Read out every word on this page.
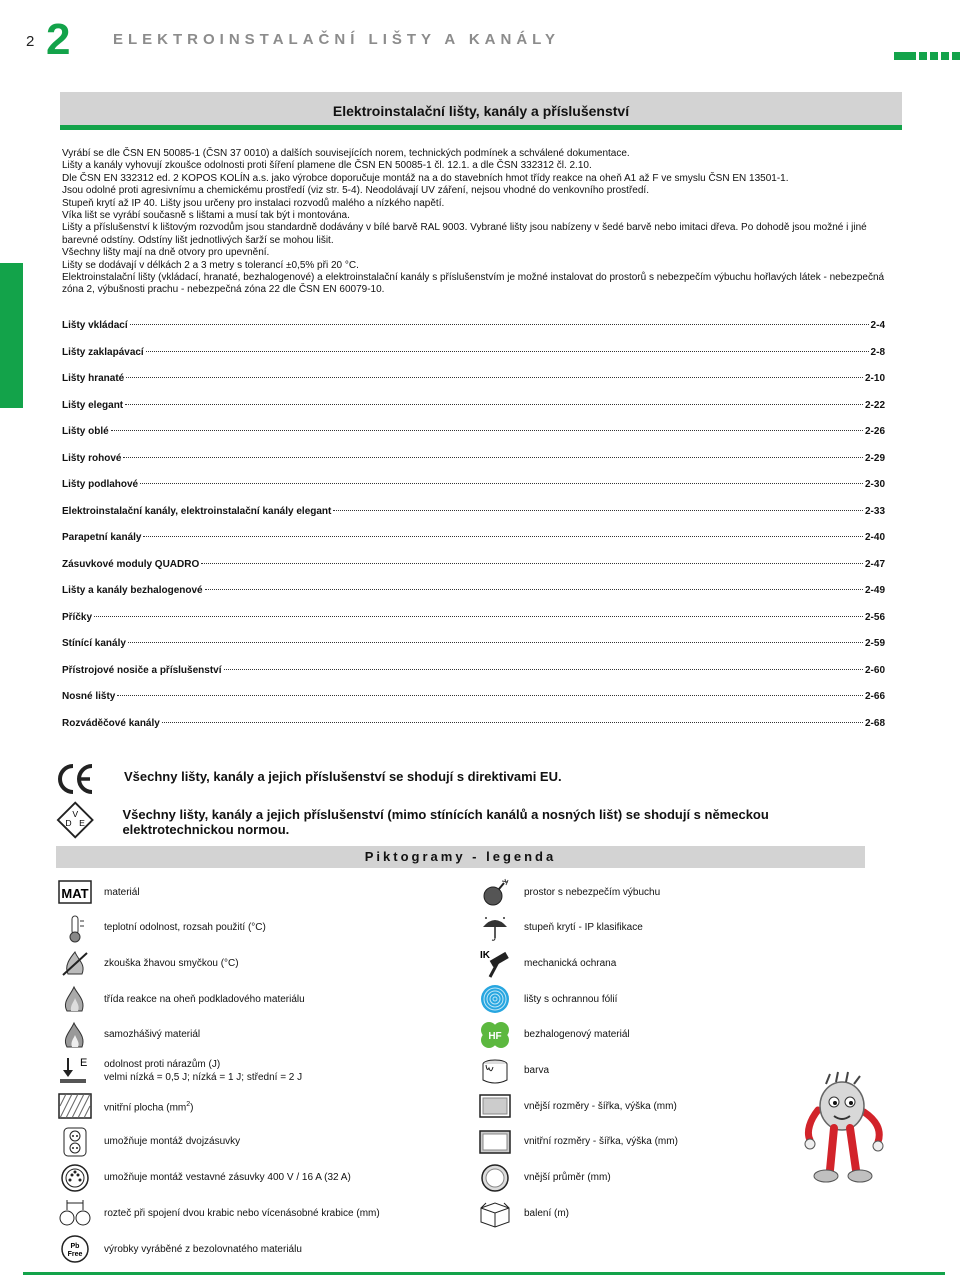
2 2	ELEKTROINSTALAČNÍ LIŠTY A KANÁLY
Elektroinstalační lišty, kanály a příslušenství

Vyrábí se dle ČSN EN 50085-1 (ČSN 37 0010) a dalších souvisejících norem, technických podmínek a schválené dokumentace.

Lišty a kanály vyhovují zkoušce odolnosti proti šíření plamene dle ČSN EN 50085-1 čl. 12.1. a dle ČSN 332312 čl. 2.10.

Dle ČSN EN 332312 ed. 2 KOPOS KOLÍN a.s. jako výrobce doporučuje montáž na a do stavebních hmot třídy reakce na oheň A1 až F ve smyslu ČSN EN 13501-1.

Jsou odolné proti agresivnímu a chemickému prostředí (viz str. 5-4). Neodolávají UV záření, nejsou vhodné do venkovního prostředí.

Stupeň krytí až IP 40. Lišty jsou určeny pro instalaci rozvodů malého a nízkého napětí.

Víka lišt se vyrábí současně s lištami a musí tak být i montována.

Lišty a příslušenství k lištovým rozvodům jsou standardně dodávány v bílé barvě RAL 9003. Vybrané lišty jsou nabízeny v šedé barvě nebo imitaci dřeva. Po dohodě jsou možné i jiné barevné odstíny. Odstíny lišt jednotlivých šarží se mohou lišit.

Všechny lišty mají na dně otvory pro upevnění.

Lišty se dodávají v délkách 2 a 3 metry s tolerancí ±0,5% při 20 °C.

Elektroinstalační lišty (vkládací, hranaté, bezhalogenové) a elektroinstalační kanály s příslušenstvím je možné instalovat do prostorů s nebezpečím výbuchu hořlavých látek - nebezpečná zóna 2, výbušnosti prachu - nebezpečná zóna 22 dle ČSN EN 60079-10.

Lišty vkládací	2-4
Lišty zaklapávací	2-8
Lišty hranaté	2-10
Lišty elegant	2-22
Lišty oblé	2-26
Lišty rohové	2-29
Lišty podlahové	2-30
Elektroinstalační kanály, elektroinstalační kanály elegant	2-33
Parapetní kanály	2-40
Zásuvkové moduly QUADRO	2-47
Lišty a kanály bezhalogenové	2-49
Příčky	2-56
Stínící kanály	2-59
Přístrojové nosiče a příslušenství	2-60
Nosné lišty	2-66
Rozváděčové kanály	2-68
Všechny lišty, kanály a jejich příslušenství se shodují s direktivami EU.
V
D E
Všechny lišty, kanály a jejich příslušenství (mimo stínících kanálů a nosných lišt) se shodují s německou elektrotechnickou normou.
Piktogramy - legenda
MAT materiál
teplotní odolnost, rozsah použití (°C)
zkouška žhavou smyčkou (°C)
třída reakce na oheň podkladového materiálu
samozhášivý materiál
E odolnost proti nárazům (J)
velmi nízká = 0,5 J; nízká = 1 J; střední = 2 J
vnitřní plocha $(mm^2)$
umožňuje montáž dvojzásuvky
umožňuje montáž vestavné zásuvky 400 V / 16 A (32 A)
rozteč při spojení dvou krabic nebo vícenásobné krabice (mm)
Pb
Free výrobky vyráběné z bezolovnatého materiálu
prostor s nebezpečím výbuchu
stupeň krytí - IP klasifikace
IK
mechanická ochrana
lišty s ochrannou fólií
HF bezhalogenový materiál
barva
vnější rozměry - šířka, výška (mm)
vnitřní rozměry - šířka, výška (mm)
vnější průměr (mm)
balení (m)
